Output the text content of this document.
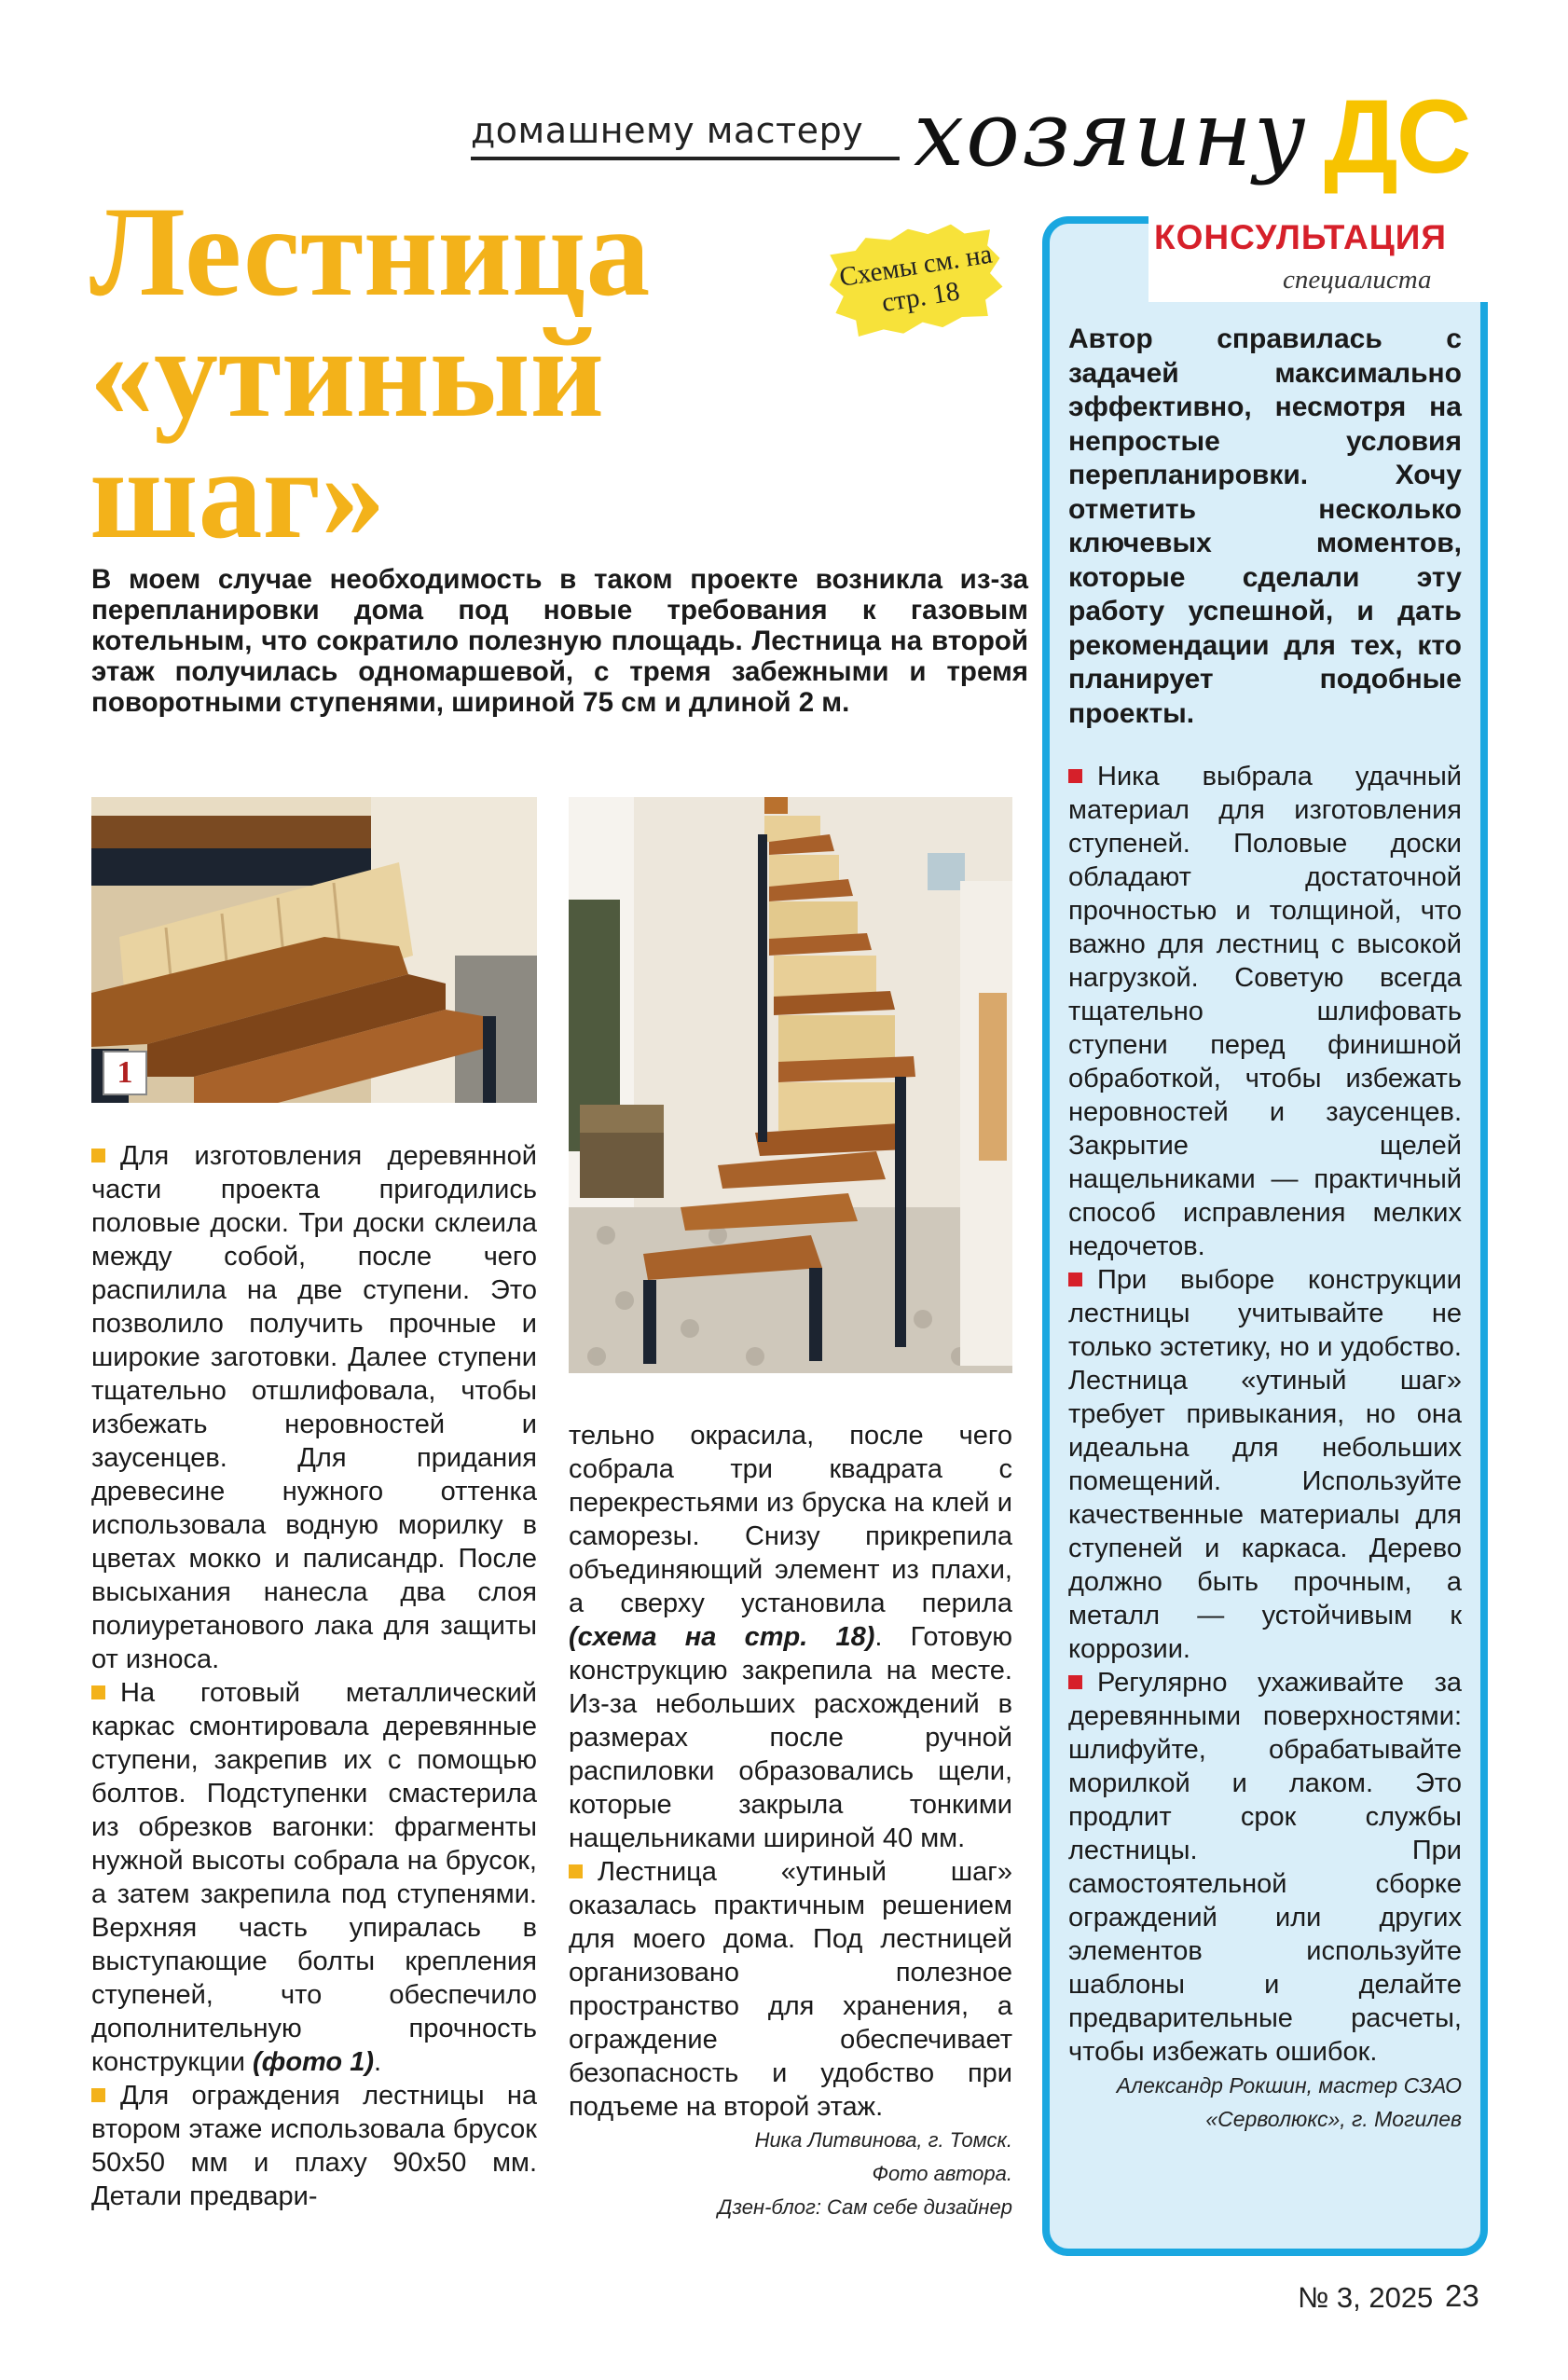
домашнему мастеру хозяину ДС
Лестница
«утиный
шаг»
Схемы см. на стр. 18
В моем случае необходимость в таком проекте возникла из-за перепланировки дома под новые требования к газовым котельным, что сократило полезную площадь. Лестница на второй этаж получилась одномаршевой, с тремя забежными и тремя поворотными ступенями, шириной 75 см и длиной 2 м.
1

Для изготовления деревянной части проекта пригодились половые доски. Три доски склеила между собой, после чего распилила на две ступени. Это позволило получить прочные и широкие заготовки. Далее ступени тщательно отшлифовала, чтобы избежать неровностей и заусенцев. Для придания древесине нужного оттенка использовала водную морилку в цветах мокко и палисандр. После высыхания нанесла два слоя полиуретанового лака для защиты от износа.

На готовый металлический каркас смонтировала деревянные ступени, закрепив их с помощью болтов. Подступенки смастерила из обрезков вагонки: фрагменты нужной высоты собрала на брусок, а затем закрепила под ступенями. Верхняя часть упиралась в выступающие болты крепления ступеней, что обеспечило дополнительную прочность конструкции (фото 1).

Для ограждения лестницы на втором этаже использовала брусок 50х50 мм и плаху 90х50 мм. Детали предвари-

тельно окрасила, после чего собрала три квадрата с перекрестьями из бруска на клей и саморезы. Снизу прикрепила объединяющий элемент из плахи, а сверху установила перила (схема на стр. 18). Готовую конструкцию закрепила на месте. Из-за небольших расхождений в размерах после ручной распиловки образовались щели, которые закрыла тонкими нащельниками шириной 40 мм.

Лестница «утиный шаг» оказалась практичным решением для моего дома. Под лестницей организовано полезное пространство для хранения, а ограждение обеспечивает безопасность и удобство при подъеме на второй этаж.

Ника Литвинова, г. Томск.
Фото автора.
Дзен-блог: Сам себе дизайнер
КОНСУЛЬТАЦИЯ
специалиста
Автор справилась с задачей максимально эффективно, несмотря на непростые условия перепланировки. Хочу отметить несколько ключевых моментов, которые сделали эту работу успешной, и дать рекомендации для тех, кто планирует подобные проекты.

Ника выбрала удачный материал для изготовления ступеней. Половые доски обладают достаточной прочностью и толщиной, что важно для лестниц с высокой нагрузкой. Советую всегда тщательно шлифовать ступени перед финишной обработкой, чтобы избежать неровностей и заусенцев. Закрытие щелей нащельниками — практичный способ исправления мелких недочетов.

При выборе конструкции лестницы учитывайте не только эстетику, но и удобство. Лестница «утиный шаг» требует привыкания, но она идеальна для небольших помещений. Используйте качественные материалы для ступеней и каркаса. Дерево должно быть прочным, а металл — устойчивым к коррозии.

Регулярно ухаживайте за деревянными поверхностями: шлифуйте, обрабатывайте морилкой и лаком. Это продлит срок службы лестницы. При самостоятельной сборке ограждений или других элементов используйте шаблоны и делайте предварительные расчеты, чтобы избежать ошибок.

Александр Рокшин, мастер СЗАО
«Серволюкс», г. Могилев
№ 3, 2025 23
